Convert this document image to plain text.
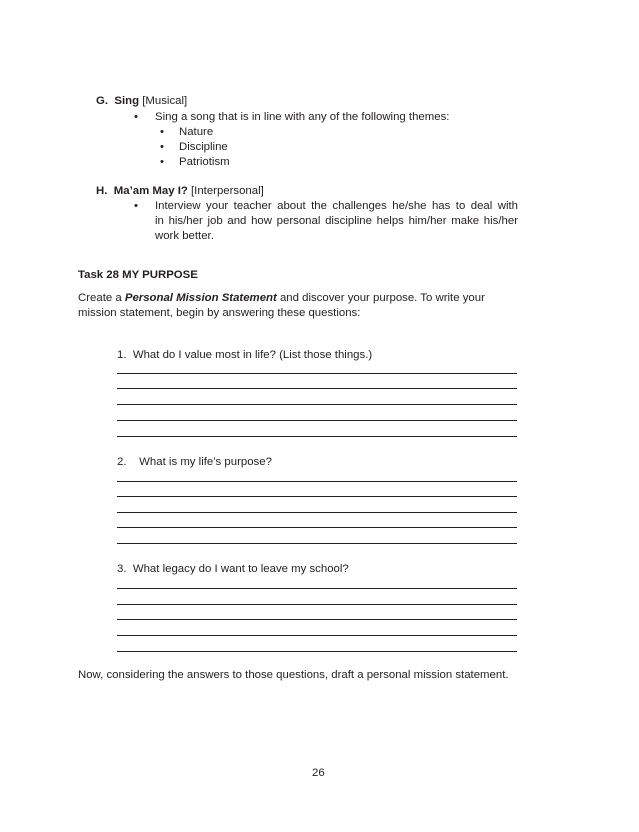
G. Sing [Musical]
• Sing a song that is in line with any of the following themes:
• Nature
• Discipline
• Patriotism
H. Ma’am May I? [Interpersonal]
• Interview your teacher about the challenges he/she has to deal with
in his/her job and how personal discipline helps him/her make his/her
work better.
Task 28 MY PURPOSE
Create a Personal Mission Statement and discover your purpose. To write your
mission statement, begin by answering these questions:
1. What do I value most in life? (List those things.)
2. What is my life’s purpose?
3. What legacy do I want to leave my school?
Now, considering the answers to those questions, draft a personal mission statement.
26
